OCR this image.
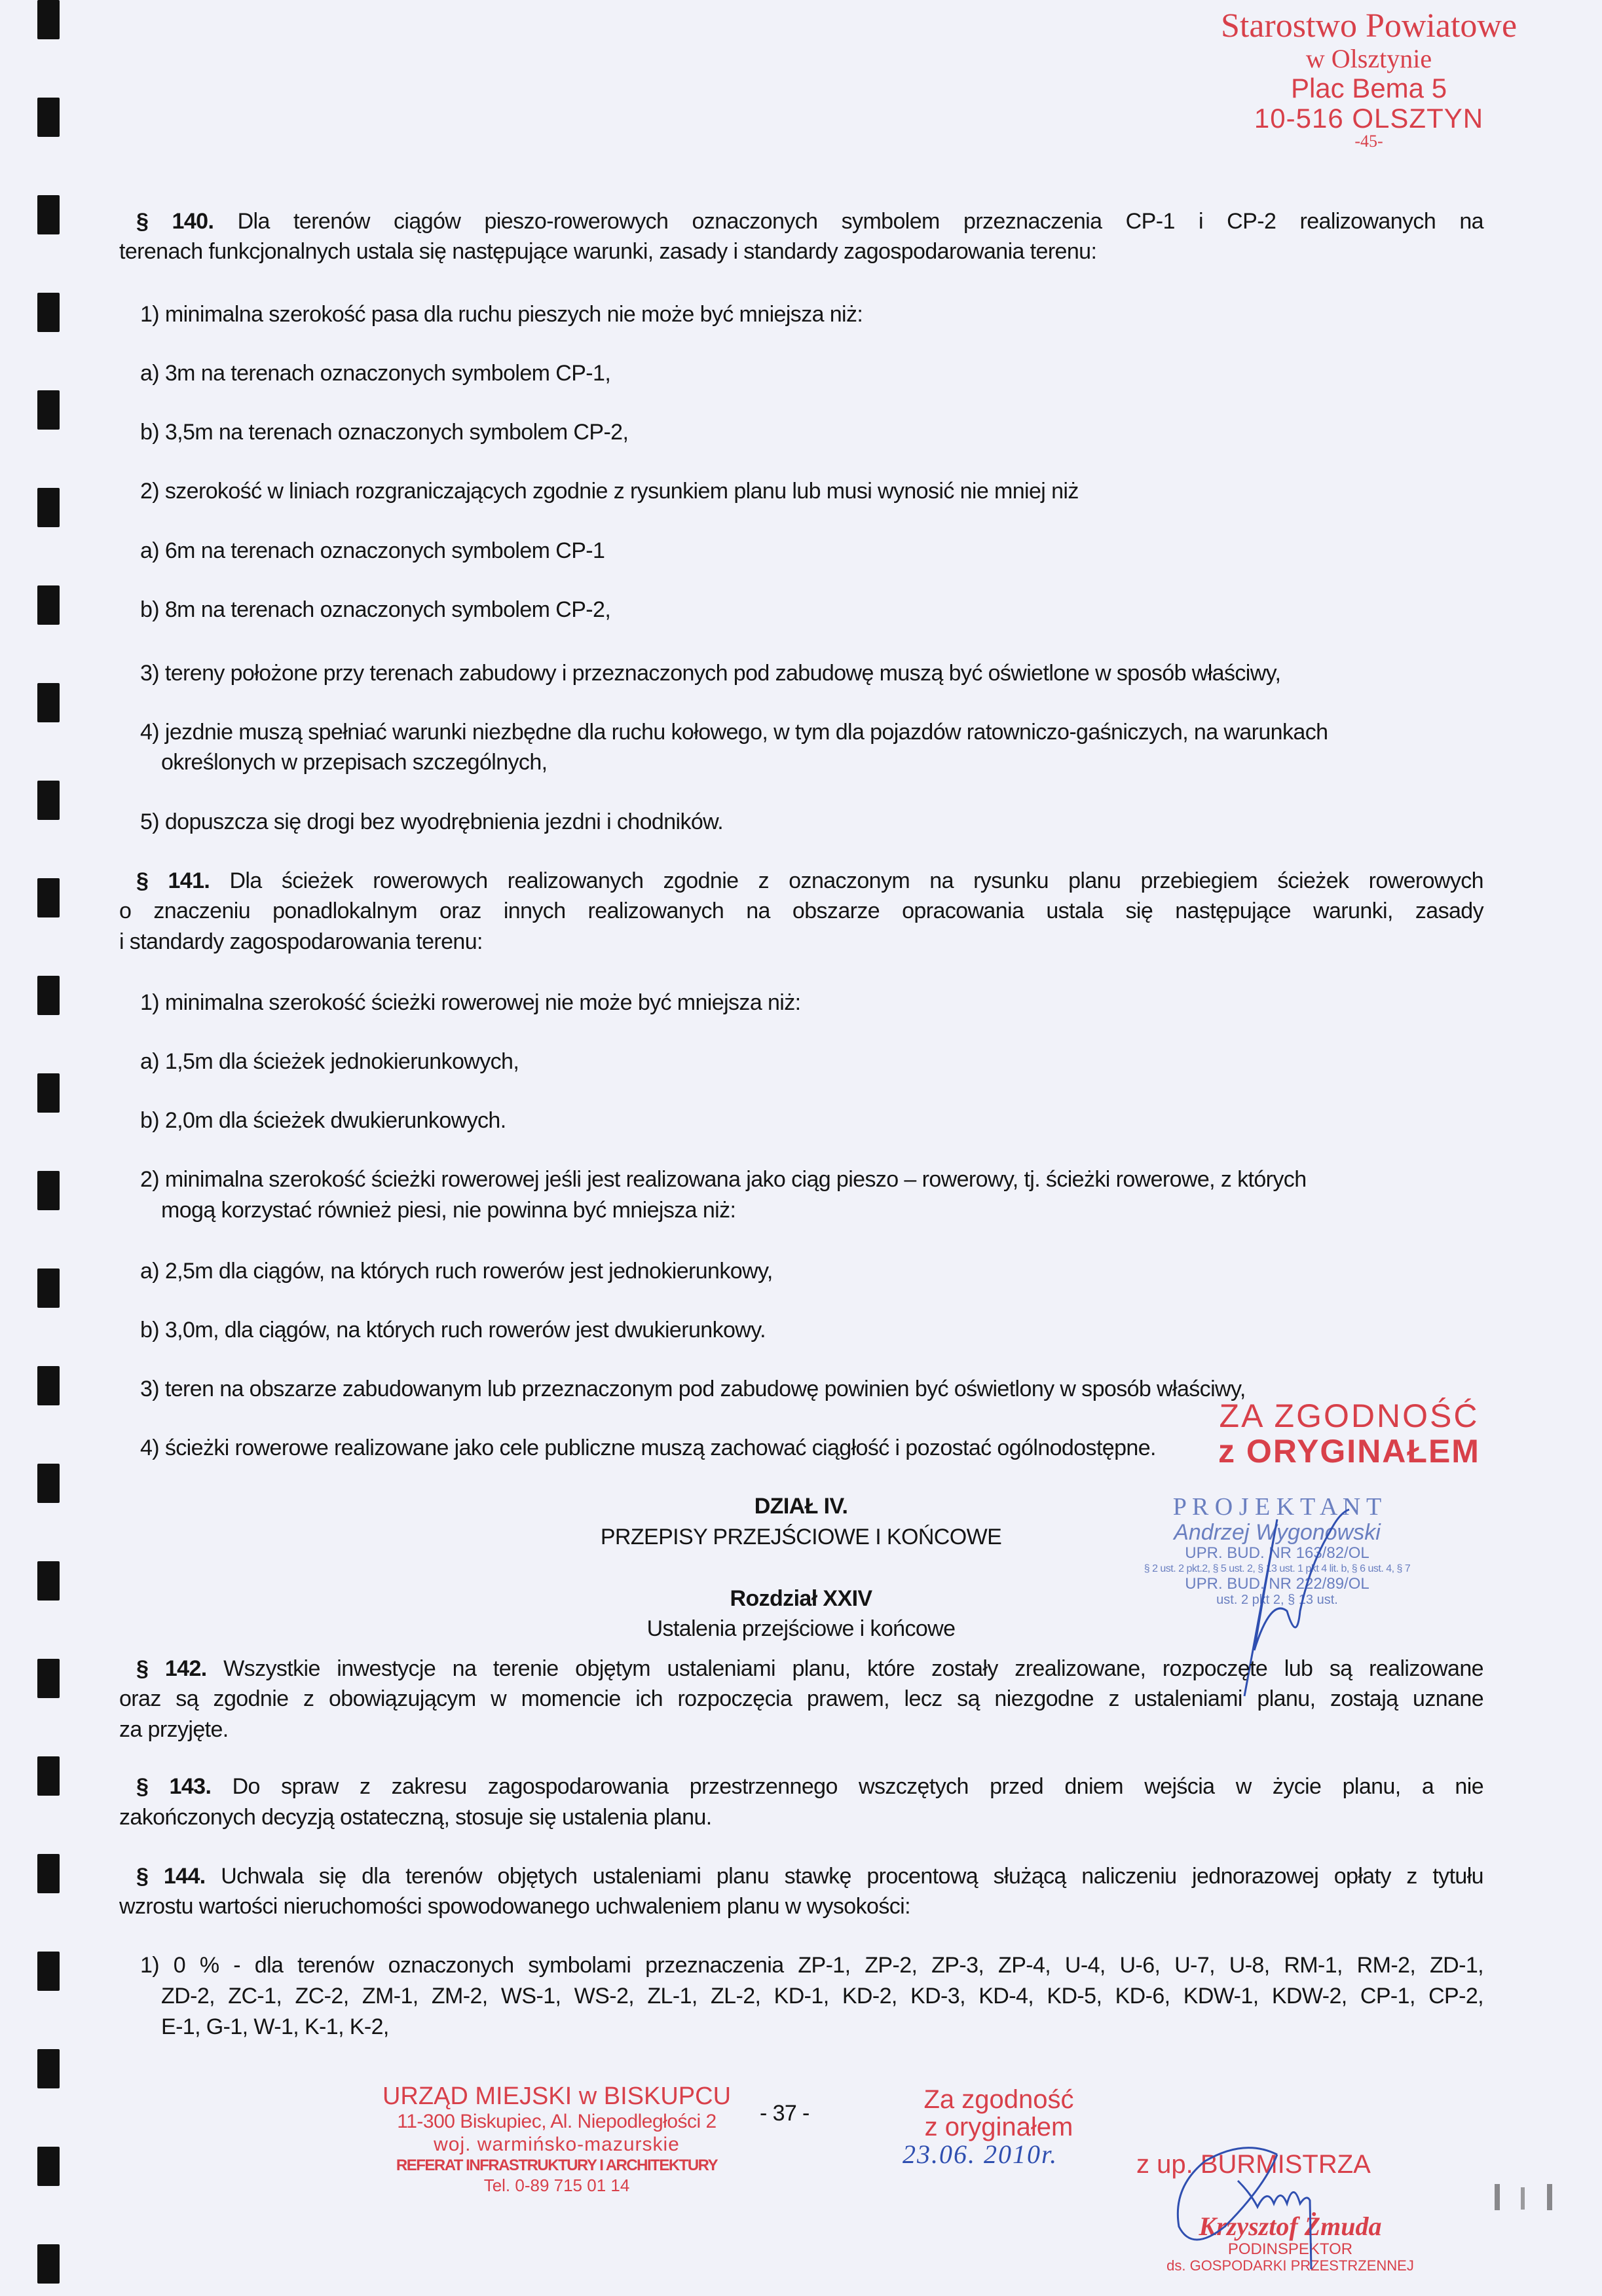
Starostwo Powiatowe
w Olsztynie
Plac Bema 5
10-516 OLSZTYN
-45-
§ 140. Dla terenów ciągów pieszo-rowerowych oznaczonych symbolem przeznaczenia CP-1 i CP-2 realizowanych na
terenach funkcjonalnych ustala się następujące warunki, zasady i standardy zagospodarowania terenu:
1) minimalna szerokość pasa dla ruchu pieszych nie może być mniejsza niż:
a) 3m na terenach oznaczonych symbolem CP-1,
b) 3,5m na terenach oznaczonych symbolem CP-2,
2) szerokość w liniach rozgraniczających zgodnie z rysunkiem planu lub musi wynosić nie mniej niż
a) 6m na terenach oznaczonych symbolem CP-1
b) 8m na terenach oznaczonych symbolem CP-2,
3) tereny położone przy terenach zabudowy i przeznaczonych pod zabudowę muszą być oświetlone w sposób właściwy,
4) jezdnie muszą spełniać warunki niezbędne dla ruchu kołowego, w tym dla pojazdów ratowniczo-gaśniczych, na warunkach
określonych w przepisach szczególnych,
5) dopuszcza się drogi bez wyodrębnienia jezdni i chodników.
§ 141. Dla ścieżek rowerowych realizowanych zgodnie z oznaczonym na rysunku planu przebiegiem ścieżek rowerowych
o znaczeniu ponadlokalnym oraz innych realizowanych na obszarze opracowania ustala się następujące warunki, zasady
i standardy zagospodarowania terenu:
1) minimalna szerokość ścieżki rowerowej nie może być mniejsza niż:
a) 1,5m dla ścieżek jednokierunkowych,
b) 2,0m dla ścieżek dwukierunkowych.
2) minimalna szerokość ścieżki rowerowej jeśli jest realizowana jako ciąg pieszo – rowerowy, tj. ścieżki rowerowe, z których
mogą korzystać również piesi, nie powinna być mniejsza niż:
a) 2,5m dla ciągów, na których ruch rowerów jest jednokierunkowy,
b) 3,0m, dla ciągów, na których ruch rowerów jest dwukierunkowy.
3) teren na obszarze zabudowanym lub przeznaczonym pod zabudowę powinien być oświetlony w sposób właściwy,
4) ścieżki rowerowe realizowane jako cele publiczne muszą zachować ciągłość i pozostać ogólnodostępne.
ZA ZGODNOŚĆ
z ORYGINAŁEM
DZIAŁ IV.
PRZEPISY PRZEJŚCIOWE I KOŃCOWE
Rozdział XXIV
Ustalenia przejściowe i końcowe
P R O J E K T A N T
Andrzej Wygonowski
UPR. BUD. NR 163/82/OL
§ 2 ust. 2 pkt.2, § 5 ust. 2, § 13 ust. 1 pkt 4 lit. b, § 6 ust. 4, § 7
UPR. BUD. NR 222/89/OL
ust. 2 pkt 2, § 13 ust.
§ 142. Wszystkie inwestycje na terenie objętym ustaleniami planu, które zostały zrealizowane, rozpoczęte lub są realizowane
oraz są zgodnie z obowiązującym w momencie ich rozpoczęcia prawem, lecz są niezgodne z ustaleniami planu, zostają uznane
za przyjęte.
§ 143. Do spraw z zakresu zagospodarowania przestrzennego wszczętych przed dniem wejścia w życie planu, a nie
zakończonych decyzją ostateczną, stosuje się ustalenia planu.
§ 144. Uchwala się dla terenów objętych ustaleniami planu stawkę procentową służącą naliczeniu jednorazowej opłaty z tytułu
wzrostu wartości nieruchomości spowodowanego uchwaleniem planu w wysokości:
1) 0 % - dla terenów oznaczonych symbolami przeznaczenia ZP-1, ZP-2, ZP-3, ZP-4, U-4, U-6, U-7, U-8, RM-1, RM-2, ZD-1,
ZD-2, ZC-1, ZC-2, ZM-1, ZM-2, WS-1, WS-2, ZL-1, ZL-2, KD-1, KD-2, KD-3, KD-4, KD-5, KD-6, KDW-1, KDW-2, CP-1, CP-2,
E-1, G-1, W-1, K-1, K-2,
URZĄD MIEJSKI w BISKUPCU
11-300 Biskupiec, Al. Niepodległości 2
woj. warmińsko-mazurskie
REFERAT INFRASTRUKTURY I ARCHITEKTURY
Tel. 0-89 715 01 14
- 37 -	Za zgodność
z oryginałem
23.06. 2010r.	z up. BURMISTRZA
Krzysztof Żmuda
PODINSPEKTOR
ds. GOSPODARKI PRZESTRZENNEJ
